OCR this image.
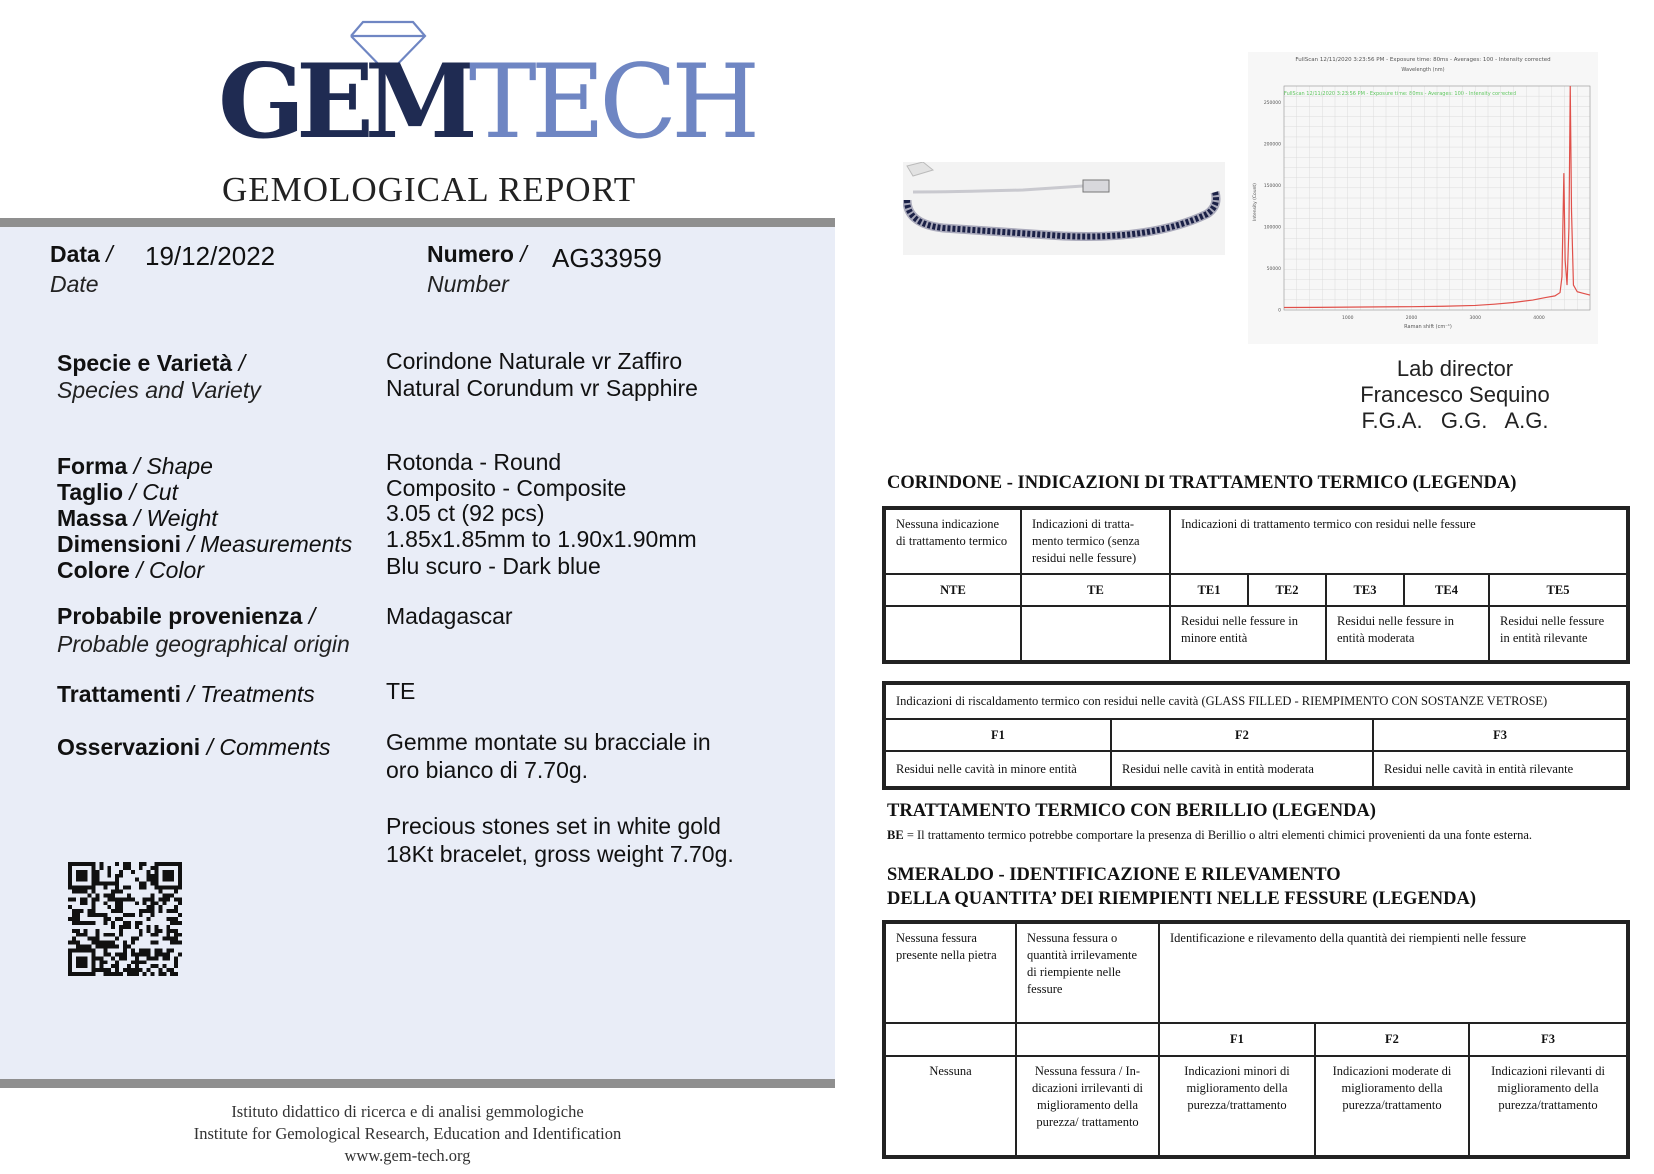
GEMTECH
GEMOLOGICAL REPORT
Data /
Date
19/12/2022	Numero /
Number
AG33959
Specie e Varietà /
Species and Variety
Corindone Naturale vr Zaffiro
Natural Corundum vr Sapphire
Forma / Shape	Rotonda - Round
Taglio / Cut	Composito - Composite
Massa / Weight	3.05 ct (92 pcs)
Dimensioni / Measurements 1.85x1.85mm to 1.90x1.90mm
Colore / Color	Blu scuro - Dark blue
Probabile provenienza /
Probable geographical origin
Madagascar
Trattamenti / Treatments	TE
Osservazioni / Comments Gemme montate su bracciale in
oro bianco di 7.70g.
Precious stones set in white gold
18Kt bracelet, gross weight 7.70g.
Istituto didattico di ricerca e di analisi gemmologiche
Institute for Gemological Research, Education and Identification
www.gem-tech.org
FullScan 12/11/2020 3:23:56 PM - Exposure time: 80ms - Averages: 100 - Intensity corrected
Wavelength (nm)
FullScan 12/11/2020 3:23:56 PM - Exposure time: 80ms - Averages: 100 - Intensity corrected
Intensity (Count)
Raman shift (cm⁻¹)
250000
200000
150000
100000
50000
0
1000	2000	3000	4000
Lab director
Francesco Sequino
F.G.A.   G.G.   A.G.
CORINDONE - INDICAZIONI DI TRATTAMENTO TERMICO (LEGENDA)
Nessuna indicazione di trattamento termico	Indicazioni di tratta-mento termico (senza residui nelle fessure)	Indicazioni di trattamento termico con residui nelle fessure				
NTE	TE	TE1	TE2	TE3	TE4	TE5
		Residui nelle fessure in minore entità		Residui nelle fessure in entità moderata		Residui nelle fessure in entità rilevante
Indicazioni di riscaldamento termico con residui nelle cavità (GLASS FILLED - RIEMPIMENTO CON SOSTANZE VETROSE)		
F1	F2	F3
Residui nelle cavità in minore entità	Residui nelle cavità in entità moderata	Residui nelle cavità in entità rilevante
TRATTAMENTO TERMICO CON BERILLIO (LEGENDA)
BE = Il trattamento termico potrebbe comportare la presenza di Berillio o altri elementi chimici provenienti da una fonte esterna.
SMERALDO - IDENTIFICAZIONE E RILEVAMENTO
DELLA QUANTITA’ DEI RIEMPIENTI NELLE FESSURE (LEGENDA)
Nessuna fessura presente nella pietra	Nessuna fessura o quantità irrilevamente di riempiente nelle fessure	Identificazione e rilevamento della quantità dei riempienti nelle fessure		
		F1	F2	F3
Nessuna	Nessuna fessura / In-dicazioni irrilevanti di miglioramento della purezza/ trattamento	Indicazioni minori di miglioramento della purezza/trattamento	Indicazioni moderate di miglioramento della purezza/trattamento	Indicazioni rilevanti di miglioramento della purezza/trattamento
